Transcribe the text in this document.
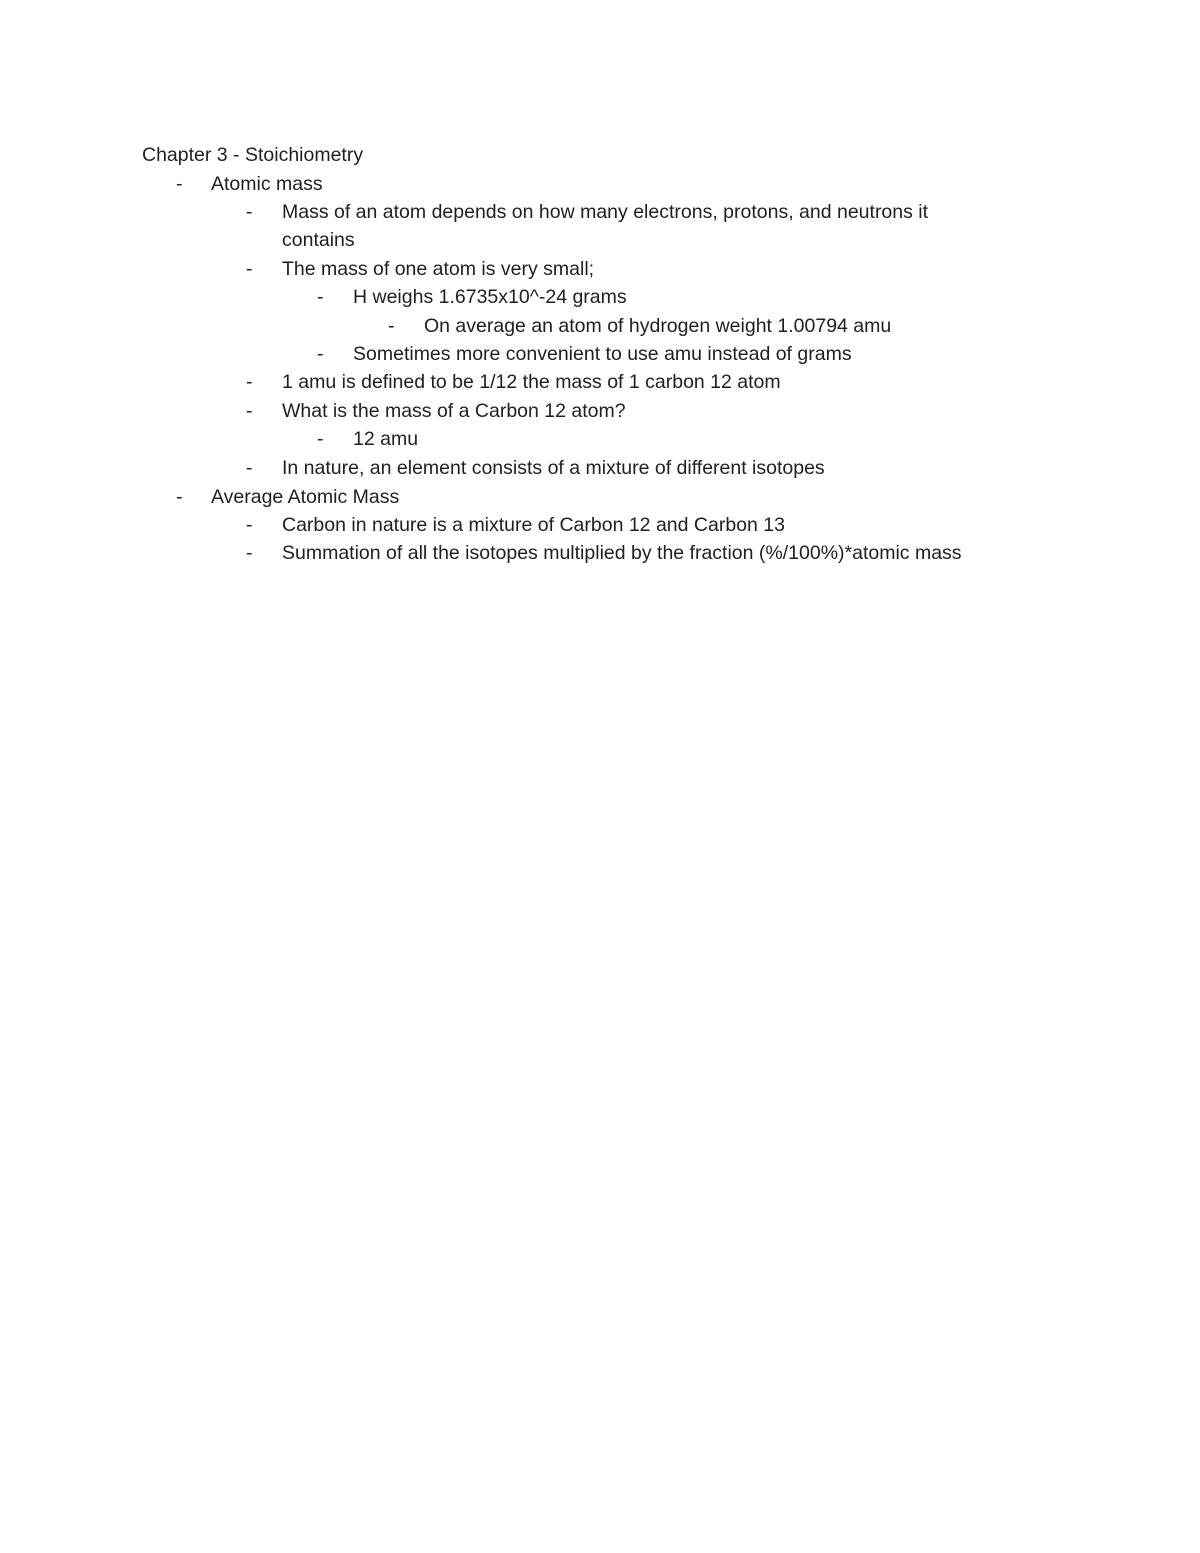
Chapter 3 - Stoichiometry
- Atomic mass
- Mass of an atom depends on how many electrons, protons, and neutrons it
contains
- The mass of one atom is very small;
- H weighs 1.6735x10^-24 grams
- On average an atom of hydrogen weight 1.00794 amu
- Sometimes more convenient to use amu instead of grams
- 1 amu is defined to be 1/12 the mass of 1 carbon 12 atom
- What is the mass of a Carbon 12 atom?
- 12 amu
- In nature, an element consists of a mixture of different isotopes
- Average Atomic Mass
- Carbon in nature is a mixture of Carbon 12 and Carbon 13
- Summation of all the isotopes multiplied by the fraction (%/100%)*atomic mass
